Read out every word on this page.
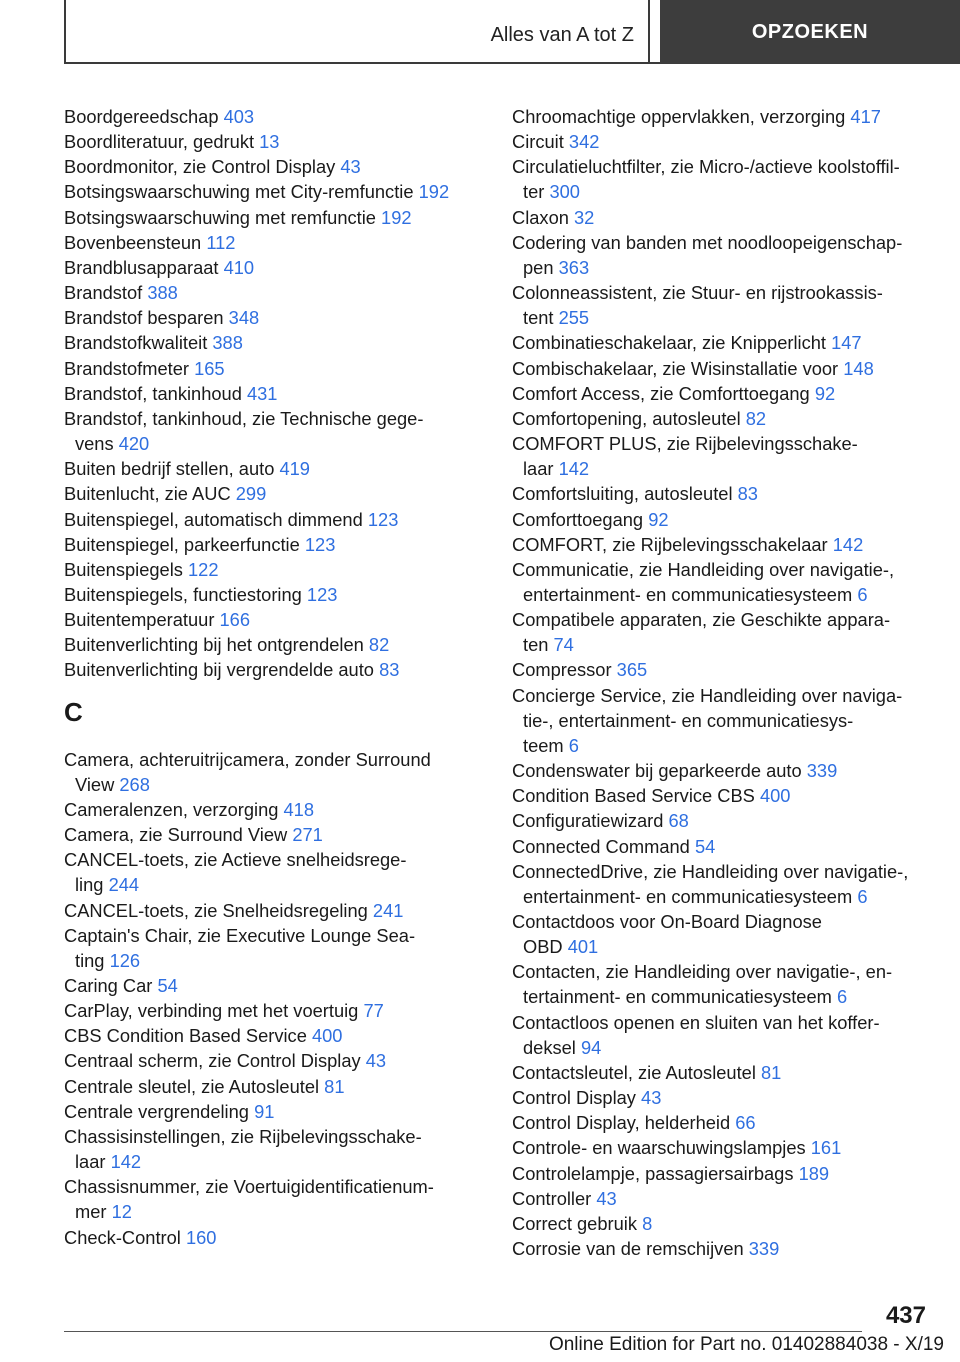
Alles van A tot Z	OPZOEKEN
Boordgereedschap 403
Boordliteratuur, gedrukt 13
Boordmonitor, zie Control Display 43
Botsingswaarschuwing met City-remfunctie 192
Botsingswaarschuwing met remfunctie 192
Bovenbeensteun 112
Brandblusapparaat 410
Brandstof 388
Brandstof besparen 348
Brandstofkwaliteit 388
Brandstofmeter 165
Brandstof, tankinhoud 431
Brandstof, tankinhoud, zie Technische gege-
vens 420
Buiten bedrijf stellen, auto 419
Buitenlucht, zie AUC 299
Buitenspiegel, automatisch dimmend 123
Buitenspiegel, parkeerfunctie 123
Buitenspiegels 122
Buitenspiegels, functiestoring 123
Buitentemperatuur 166
Buitenverlichting bij het ontgrendelen 82
Buitenverlichting bij vergrendelde auto 83
C
Camera, achteruitrijcamera, zonder Surround
View 268
Cameralenzen, verzorging 418
Camera, zie Surround View 271
CANCEL-toets, zie Actieve snelheidsrege-
ling 244
CANCEL-toets, zie Snelheidsregeling 241
Captain's Chair, zie Executive Lounge Sea-
ting 126
Caring Car 54
CarPlay, verbinding met het voertuig 77
CBS Condition Based Service 400
Centraal scherm, zie Control Display 43
Centrale sleutel, zie Autosleutel 81
Centrale vergrendeling 91
Chassisinstellingen, zie Rijbelevingsschake-
laar 142
Chassisnummer, zie Voertuigidentificatienum-
mer 12
Check-Control 160
Chroomachtige oppervlakken, verzorging 417
Circuit 342
Circulatieluchtfilter, zie Micro-/actieve koolstoffil-
ter 300
Claxon 32
Codering van banden met noodloopeigenschap-
pen 363
Colonneassistent, zie Stuur- en rijstrookassis-
tent 255
Combinatieschakelaar, zie Knipperlicht 147
Combischakelaar, zie Wisinstallatie voor 148
Comfort Access, zie Comforttoegang 92
Comfortopening, autosleutel 82
COMFORT PLUS, zie Rijbelevingsschake-
laar 142
Comfortsluiting, autosleutel 83
Comforttoegang 92
COMFORT, zie Rijbelevingsschakelaar 142
Communicatie, zie Handleiding over navigatie-,
entertainment- en communicatiesysteem 6
Compatibele apparaten, zie Geschikte appara-
ten 74
Compressor 365
Concierge Service, zie Handleiding over naviga-
tie-, entertainment- en communicatiesys-
teem 6
Condenswater bij geparkeerde auto 339
Condition Based Service CBS 400
Configuratiewizard 68
Connected Command 54
ConnectedDrive, zie Handleiding over navigatie-,
entertainment- en communicatiesysteem 6
Contactdoos voor On-Board Diagnose
OBD 401
Contacten, zie Handleiding over navigatie-, en-
tertainment- en communicatiesysteem 6
Contactloos openen en sluiten van het koffer-
deksel 94
Contactsleutel, zie Autosleutel 81
Control Display 43
Control Display, helderheid 66
Controle- en waarschuwingslampjes 161
Controlelampje, passagiersairbags 189
Controller 43
Correct gebruik 8
Corrosie van de remschijven 339
437
Online Edition for Part no. 01402884038 - X/19
